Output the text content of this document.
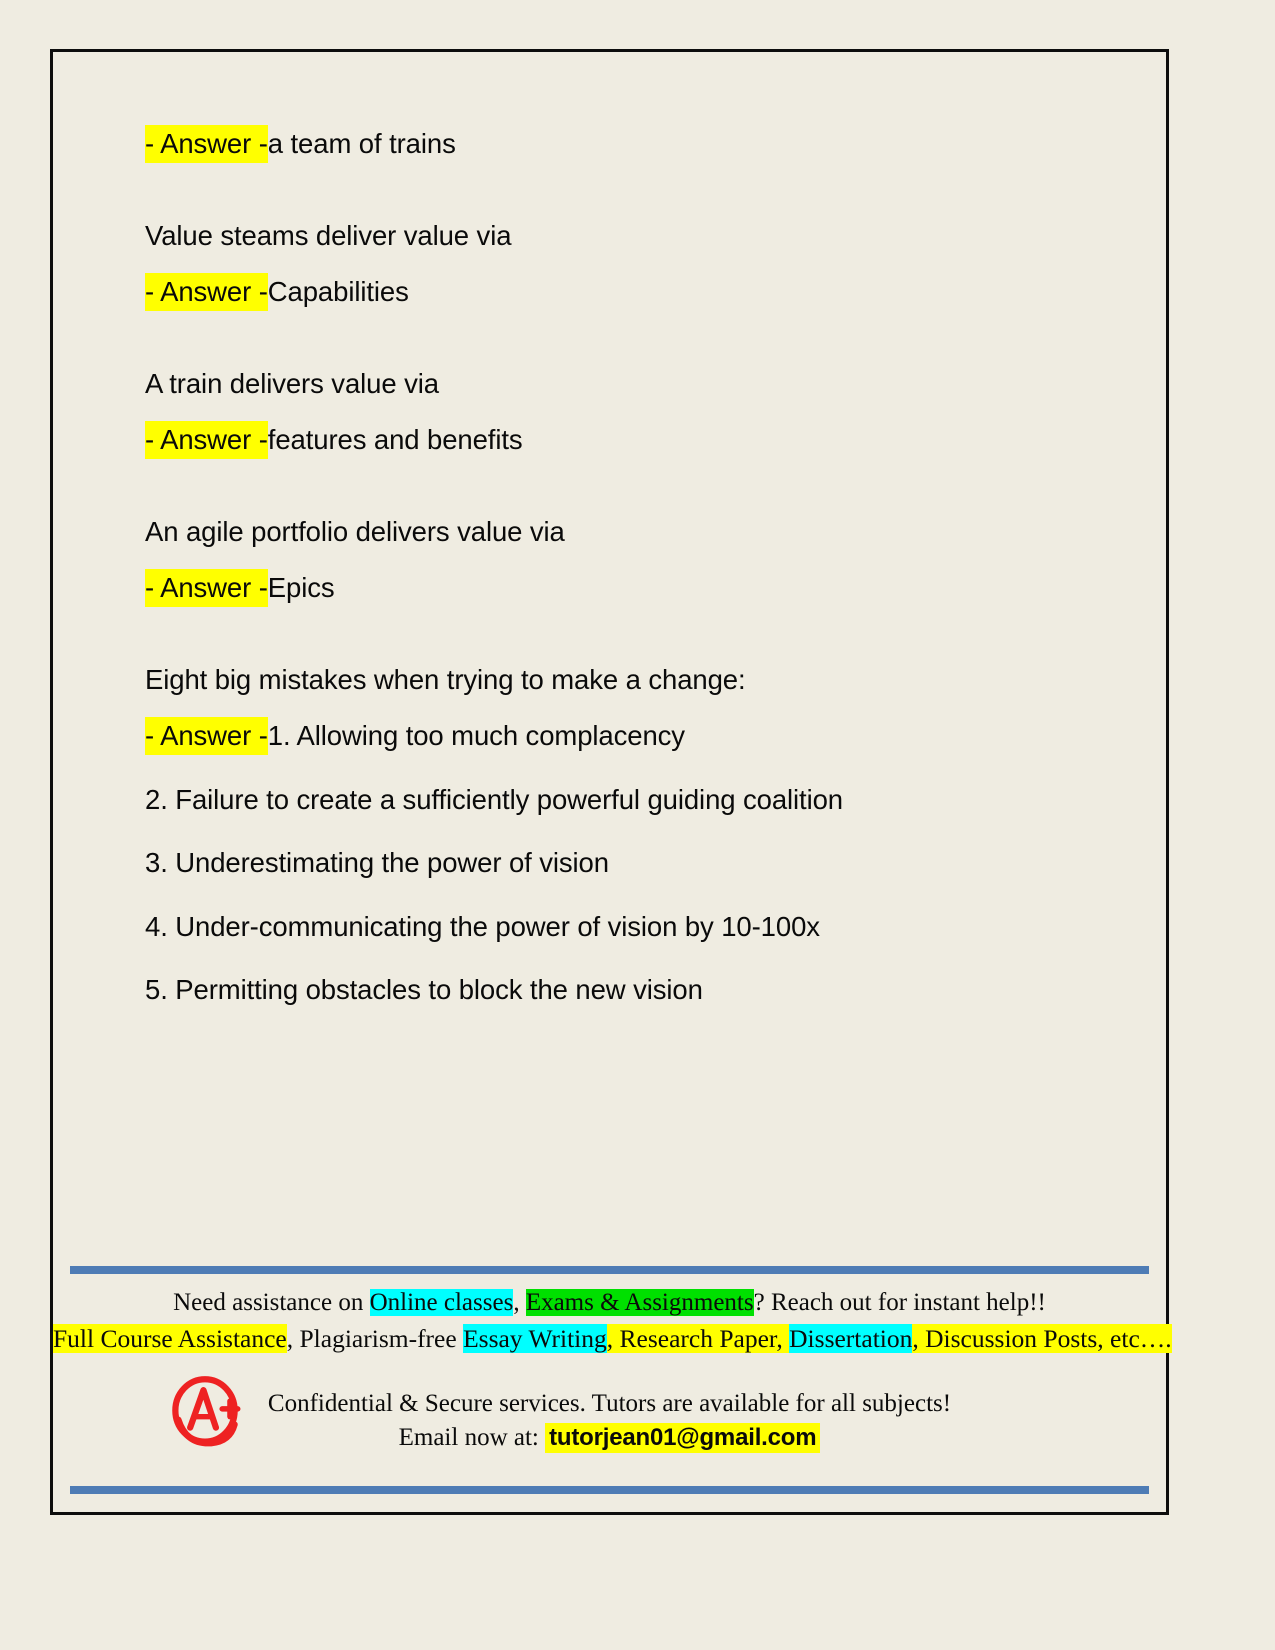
- Answer -a team of trains
Value steams deliver value via
- Answer -Capabilities
A train delivers value via
- Answer -features and benefits
An agile portfolio delivers value via
- Answer -Epics
Eight big mistakes when trying to make a change:
- Answer -1. Allowing too much complacency
2. Failure to create a sufficiently powerful guiding coalition
3. Underestimating the power of vision
4. Under-communicating the power of vision by 10-100x
5. Permitting obstacles to block the new vision
Need assistance on Online classes, Exams & Assignments? Reach out for instant help!!
Full Course Assistance, Plagiarism-free Essay Writing, Research Paper, Dissertation, Discussion Posts, etc….
Confidential & Secure services. Tutors are available for all subjects!
Email now at: tutorjean01@gmail.com
